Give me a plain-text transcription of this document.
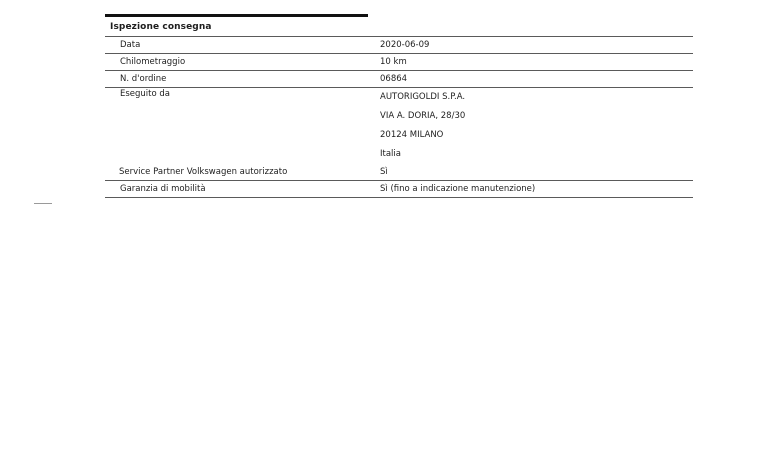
Ispezione consegna
Data	2020-06-09
Chilometraggio	10 km
N. d'ordine	06864
Eseguito da	AUTORIGOLDI S.P.A.
VIA A. DORIA, 28/30
20124 MILANO
Italia
Service Partner Volkswagen autorizzato	Sì
Garanzia di mobilità	Sì (fino a indicazione manutenzione)
